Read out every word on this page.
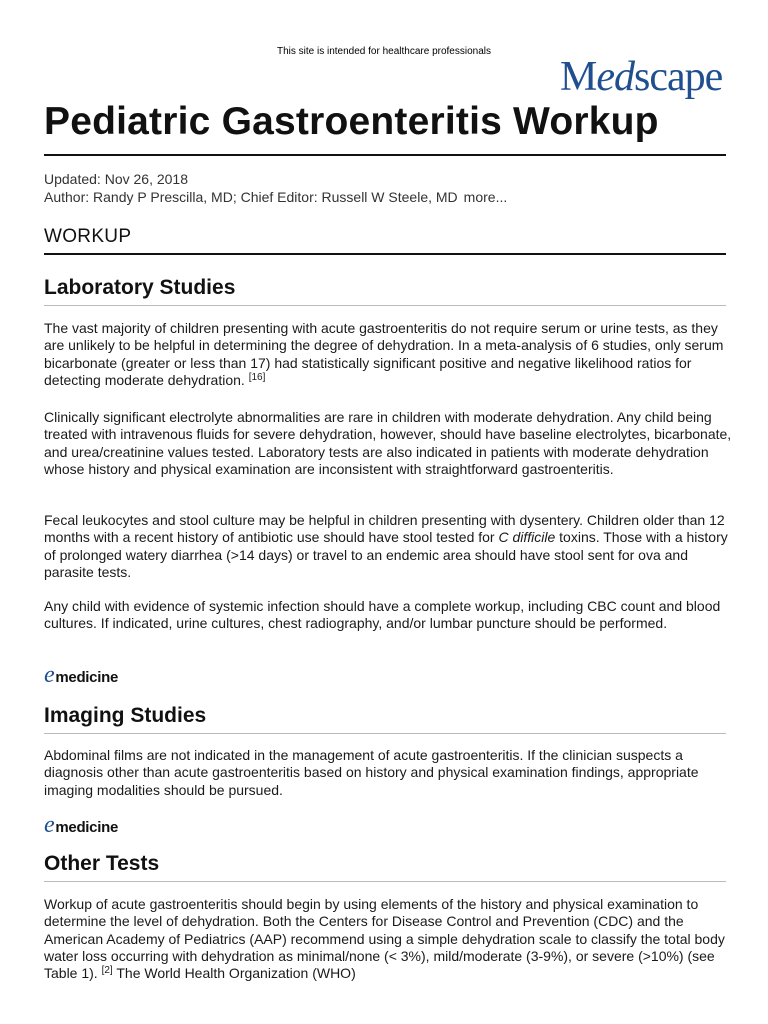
This site is intended for healthcare professionals
Medscape
Pediatric Gastroenteritis Workup
Updated: Nov 26, 2018
Author: Randy P Prescilla, MD; Chief Editor: Russell W Steele, MD more...
WORKUP
Laboratory Studies

The vast majority of children presenting with acute gastroenteritis do not require serum or urine tests, as they are unlikely to be helpful in determining the degree of dehydration. In a meta-analysis of 6 studies, only serum bicarbonate (greater or less than 17) had statistically significant positive and negative likelihood ratios for detecting moderate dehydration. [16]

Clinically significant electrolyte abnormalities are rare in children with moderate dehydration. Any child being treated with intravenous fluids for severe dehydration, however, should have baseline electrolytes, bicarbonate, and urea/creatinine values tested. Laboratory tests are also indicated in patients with moderate dehydration whose history and physical examination are inconsistent with straightforward gastroenteritis.

Fecal leukocytes and stool culture may be helpful in children presenting with dysentery. Children older than 12 months with a recent history of antibiotic use should have stool tested for C difficile toxins. Those with a history of prolonged watery diarrhea (>14 days) or travel to an endemic area should have stool sent for ova and parasite tests.

Any child with evidence of systemic infection should have a complete workup, including CBC count and blood cultures. If indicated, urine cultures, chest radiography, and/or lumbar puncture should be performed.

emedicine
Imaging Studies

Abdominal films are not indicated in the management of acute gastroenteritis. If the clinician suspects a diagnosis other than acute gastroenteritis based on history and physical examination findings, appropriate imaging modalities should be pursued.

emedicine
Other Tests

Workup of acute gastroenteritis should begin by using elements of the history and physical examination to determine the level of dehydration. Both the Centers for Disease Control and Prevention (CDC) and the American Academy of Pediatrics (AAP) recommend using a simple dehydration scale to classify the total body water loss occurring with dehydration as minimal/none (< 3%), mild/moderate (3-9%), or severe (>10%) (see Table 1). [2] The World Health Organization (WHO)
